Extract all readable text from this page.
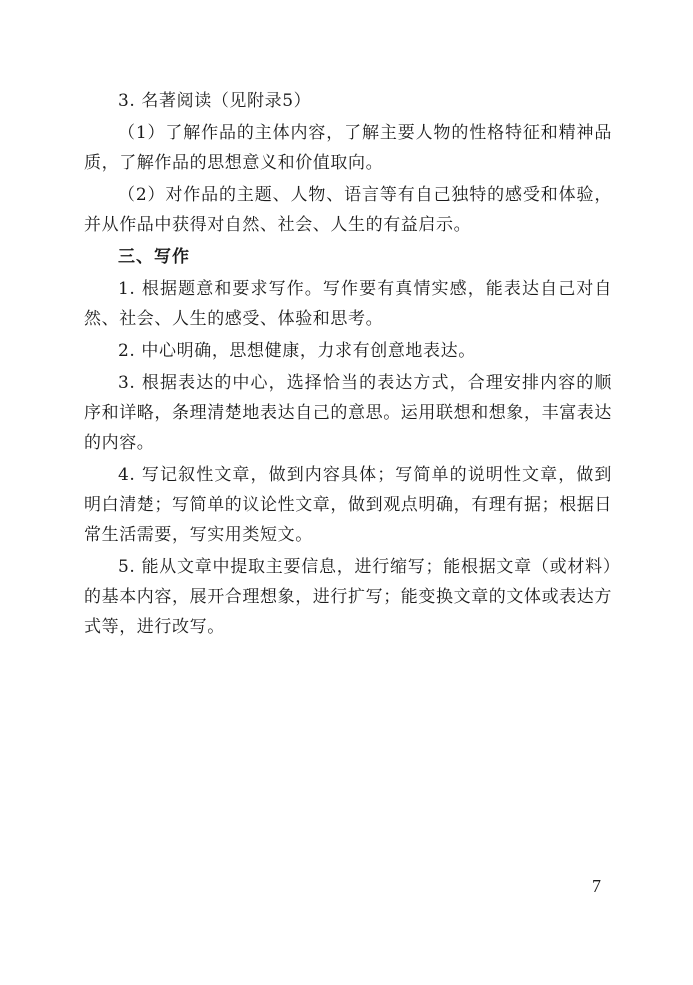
3. 名著阅读（见附录5）

（1）了解作品的主体内容，了解主要人物的性格特征和精神品质，了解作品的思想意义和价值取向。

（2）对作品的主题、人物、语言等有自己独特的感受和体验，并从作品中获得对自然、社会、人生的有益启示。

三、写作

1. 根据题意和要求写作。写作要有真情实感，能表达自己对自然、社会、人生的感受、体验和思考。

2. 中心明确，思想健康，力求有创意地表达。

3. 根据表达的中心，选择恰当的表达方式，合理安排内容的顺序和详略，条理清楚地表达自己的意思。运用联想和想象，丰富表达的内容。

4. 写记叙性文章，做到内容具体；写简单的说明性文章，做到明白清楚；写简单的议论性文章，做到观点明确，有理有据；根据日常生活需要，写实用类短文。

5. 能从文章中提取主要信息，进行缩写；能根据文章（或材料）的基本内容，展开合理想象，进行扩写；能变换文章的文体或表达方式等，进行改写。

7
